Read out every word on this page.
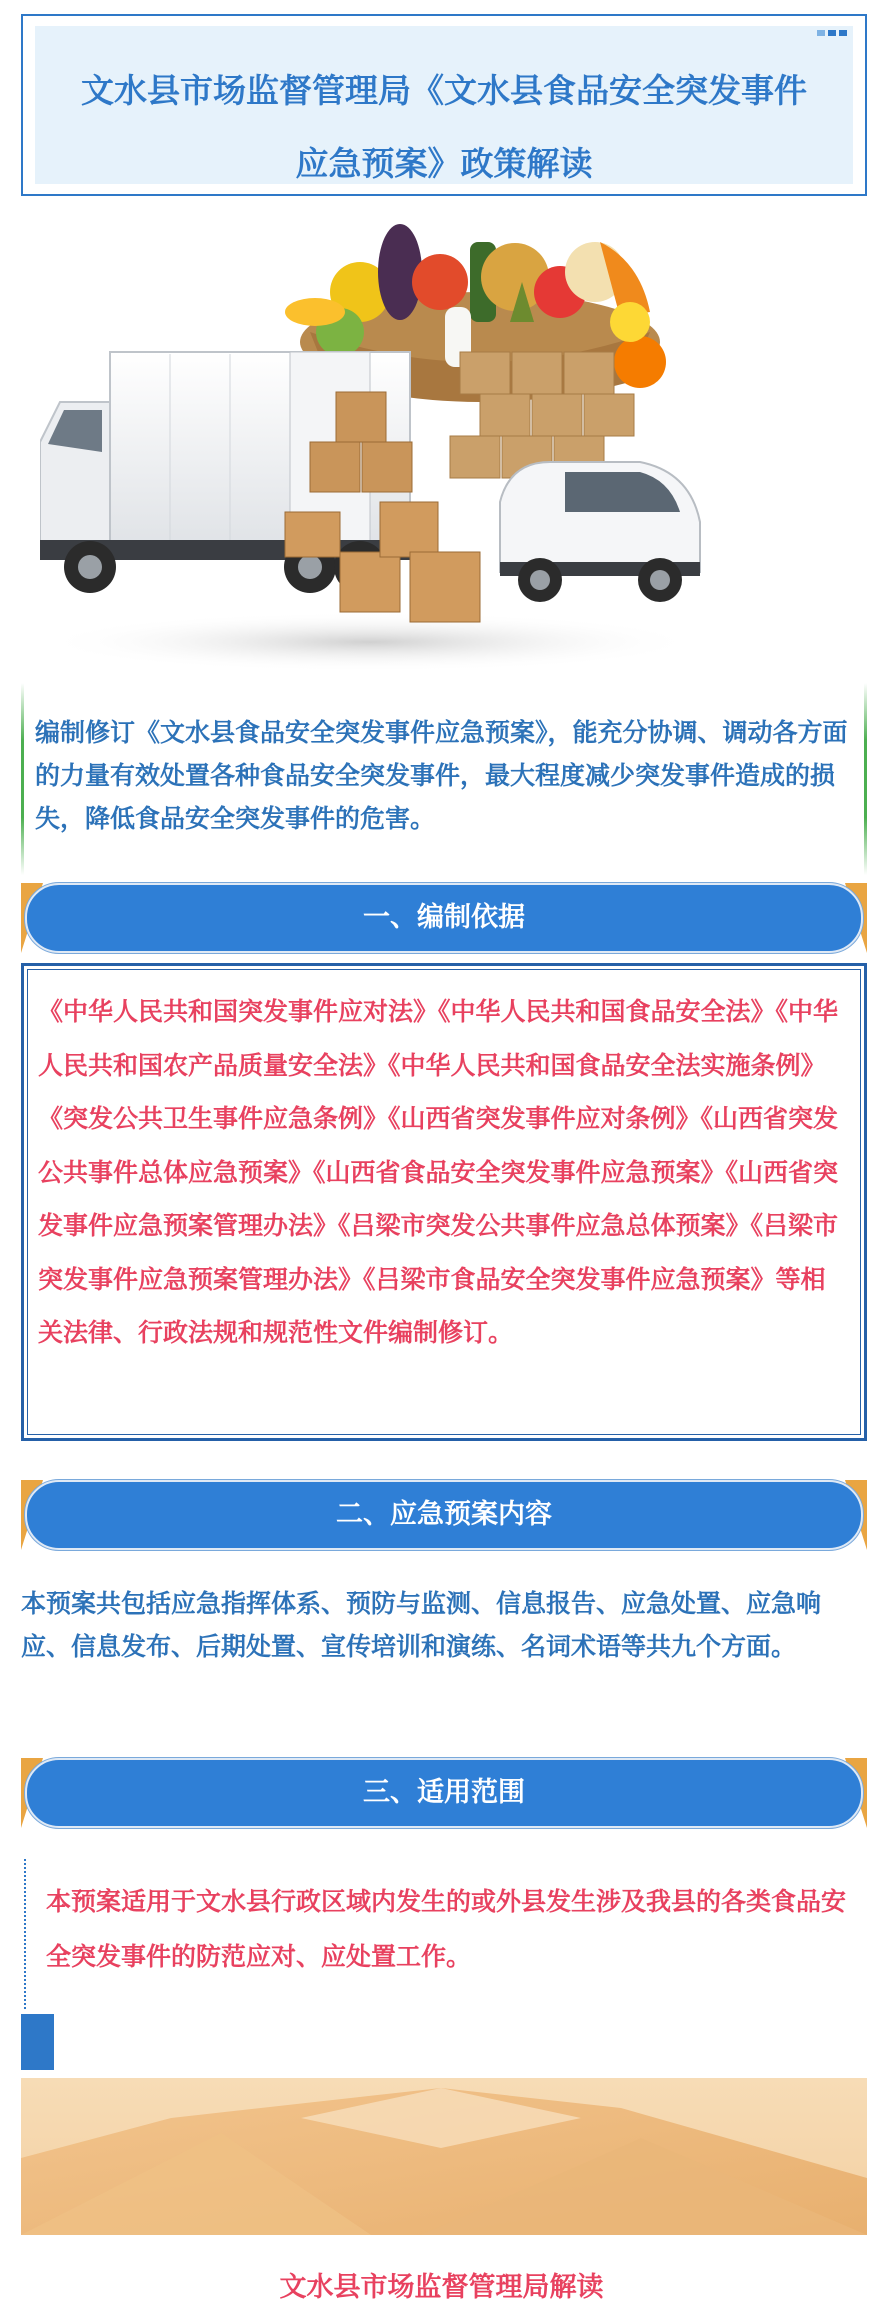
文水县市场监督管理局《文水县食品安全突发事件
应急预案》政策解读
编制修订《文水县食品安全突发事件应急预案》，能充分协调、调动各方面的力量有效处置各种食品安全突发事件，最大程度减少突发事件造成的损失，降低食品安全突发事件的危害。
一、编制依据
《中华人民共和国突发事件应对法》《中华人民共和国食品安全法》《中华人民共和国农产品质量安全法》《中华人民共和国食品安全法实施条例》《突发公共卫生事件应急条例》《山西省突发事件应对条例》《山西省突发公共事件总体应急预案》《山西省食品安全突发事件应急预案》《山西省突发事件应急预案管理办法》《吕梁市突发公共事件应急总体预案》《吕梁市突发事件应急预案管理办法》《吕梁市食品安全突发事件应急预案》等相关法律、行政法规和规范性文件编制修订。
二、应急预案内容
本预案共包括应急指挥体系、预防与监测、信息报告、应急处置、应急响应、信息发布、后期处置、宣传培训和演练、名词术语等共九个方面。
三、适用范围
本预案适用于文水县行政区域内发生的或外县发生涉及我县的各类食品安全突发事件的防范应对、应处置工作。
文水县市场监督管理局解读
